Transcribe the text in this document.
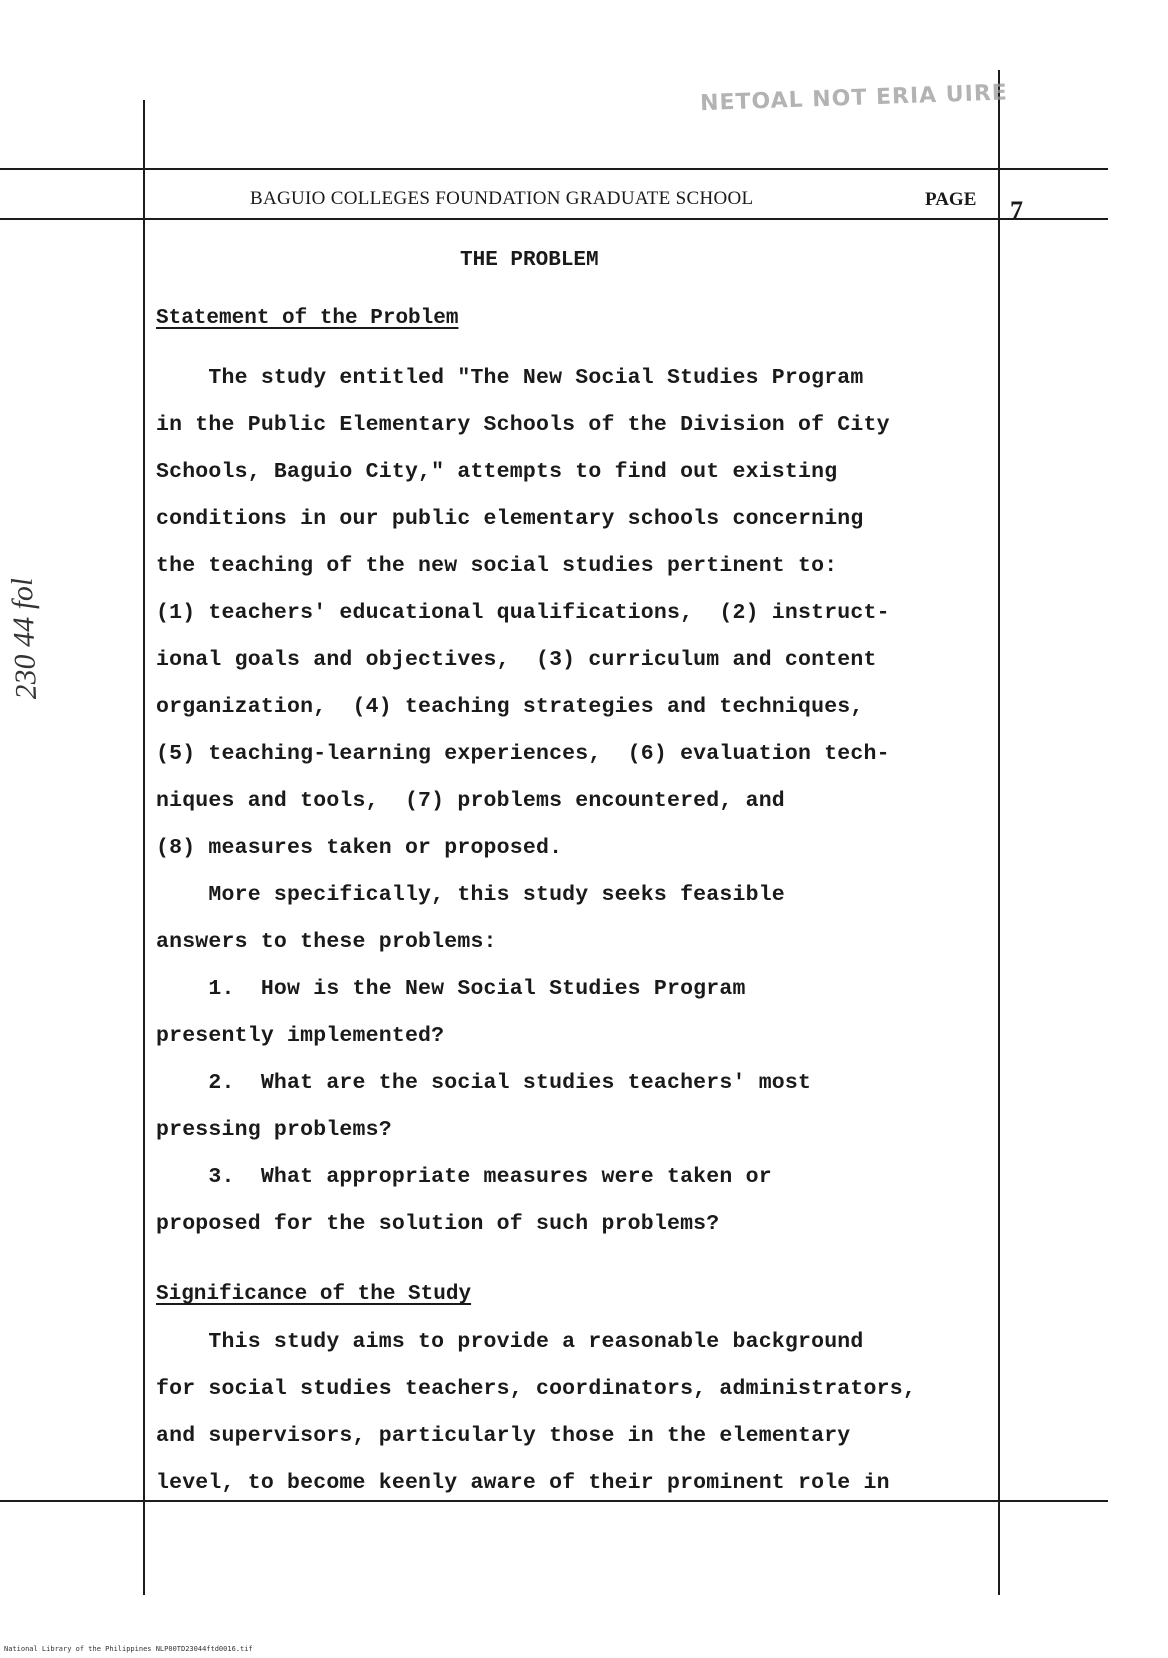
NETOAL NOT ERIA UIRE
BAGUIO COLLEGES FOUNDATION GRADUATE SCHOOL	PAGE 7
THE PROBLEM
Statement of the Problem
The study entitled "The New Social Studies Program
in the Public Elementary Schools of the Division of City
Schools, Baguio City," attempts to find out existing
conditions in our public elementary schools concerning
the teaching of the new social studies pertinent to:
(1) teachers' educational qualifications,  (2) instruct-
ional goals and objectives,  (3) curriculum and content
organization,  (4) teaching strategies and techniques,
(5) teaching-learning experiences,  (6) evaluation tech-
niques and tools,  (7) problems encountered, and
(8) measures taken or proposed.
More specifically, this study seeks feasible
answers to these problems:
1.  How is the New Social Studies Program
presently implemented?
2.  What are the social studies teachers' most
pressing problems?
3.  What appropriate measures were taken or
proposed for the solution of such problems?
Significance of the Study
This study aims to provide a reasonable background
for social studies teachers, coordinators, administrators,
and supervisors, particularly those in the elementary
level, to become keenly aware of their prominent role in
230 44 fol
National Library of the Philippines NLP00TD23044ftd0016.tif
